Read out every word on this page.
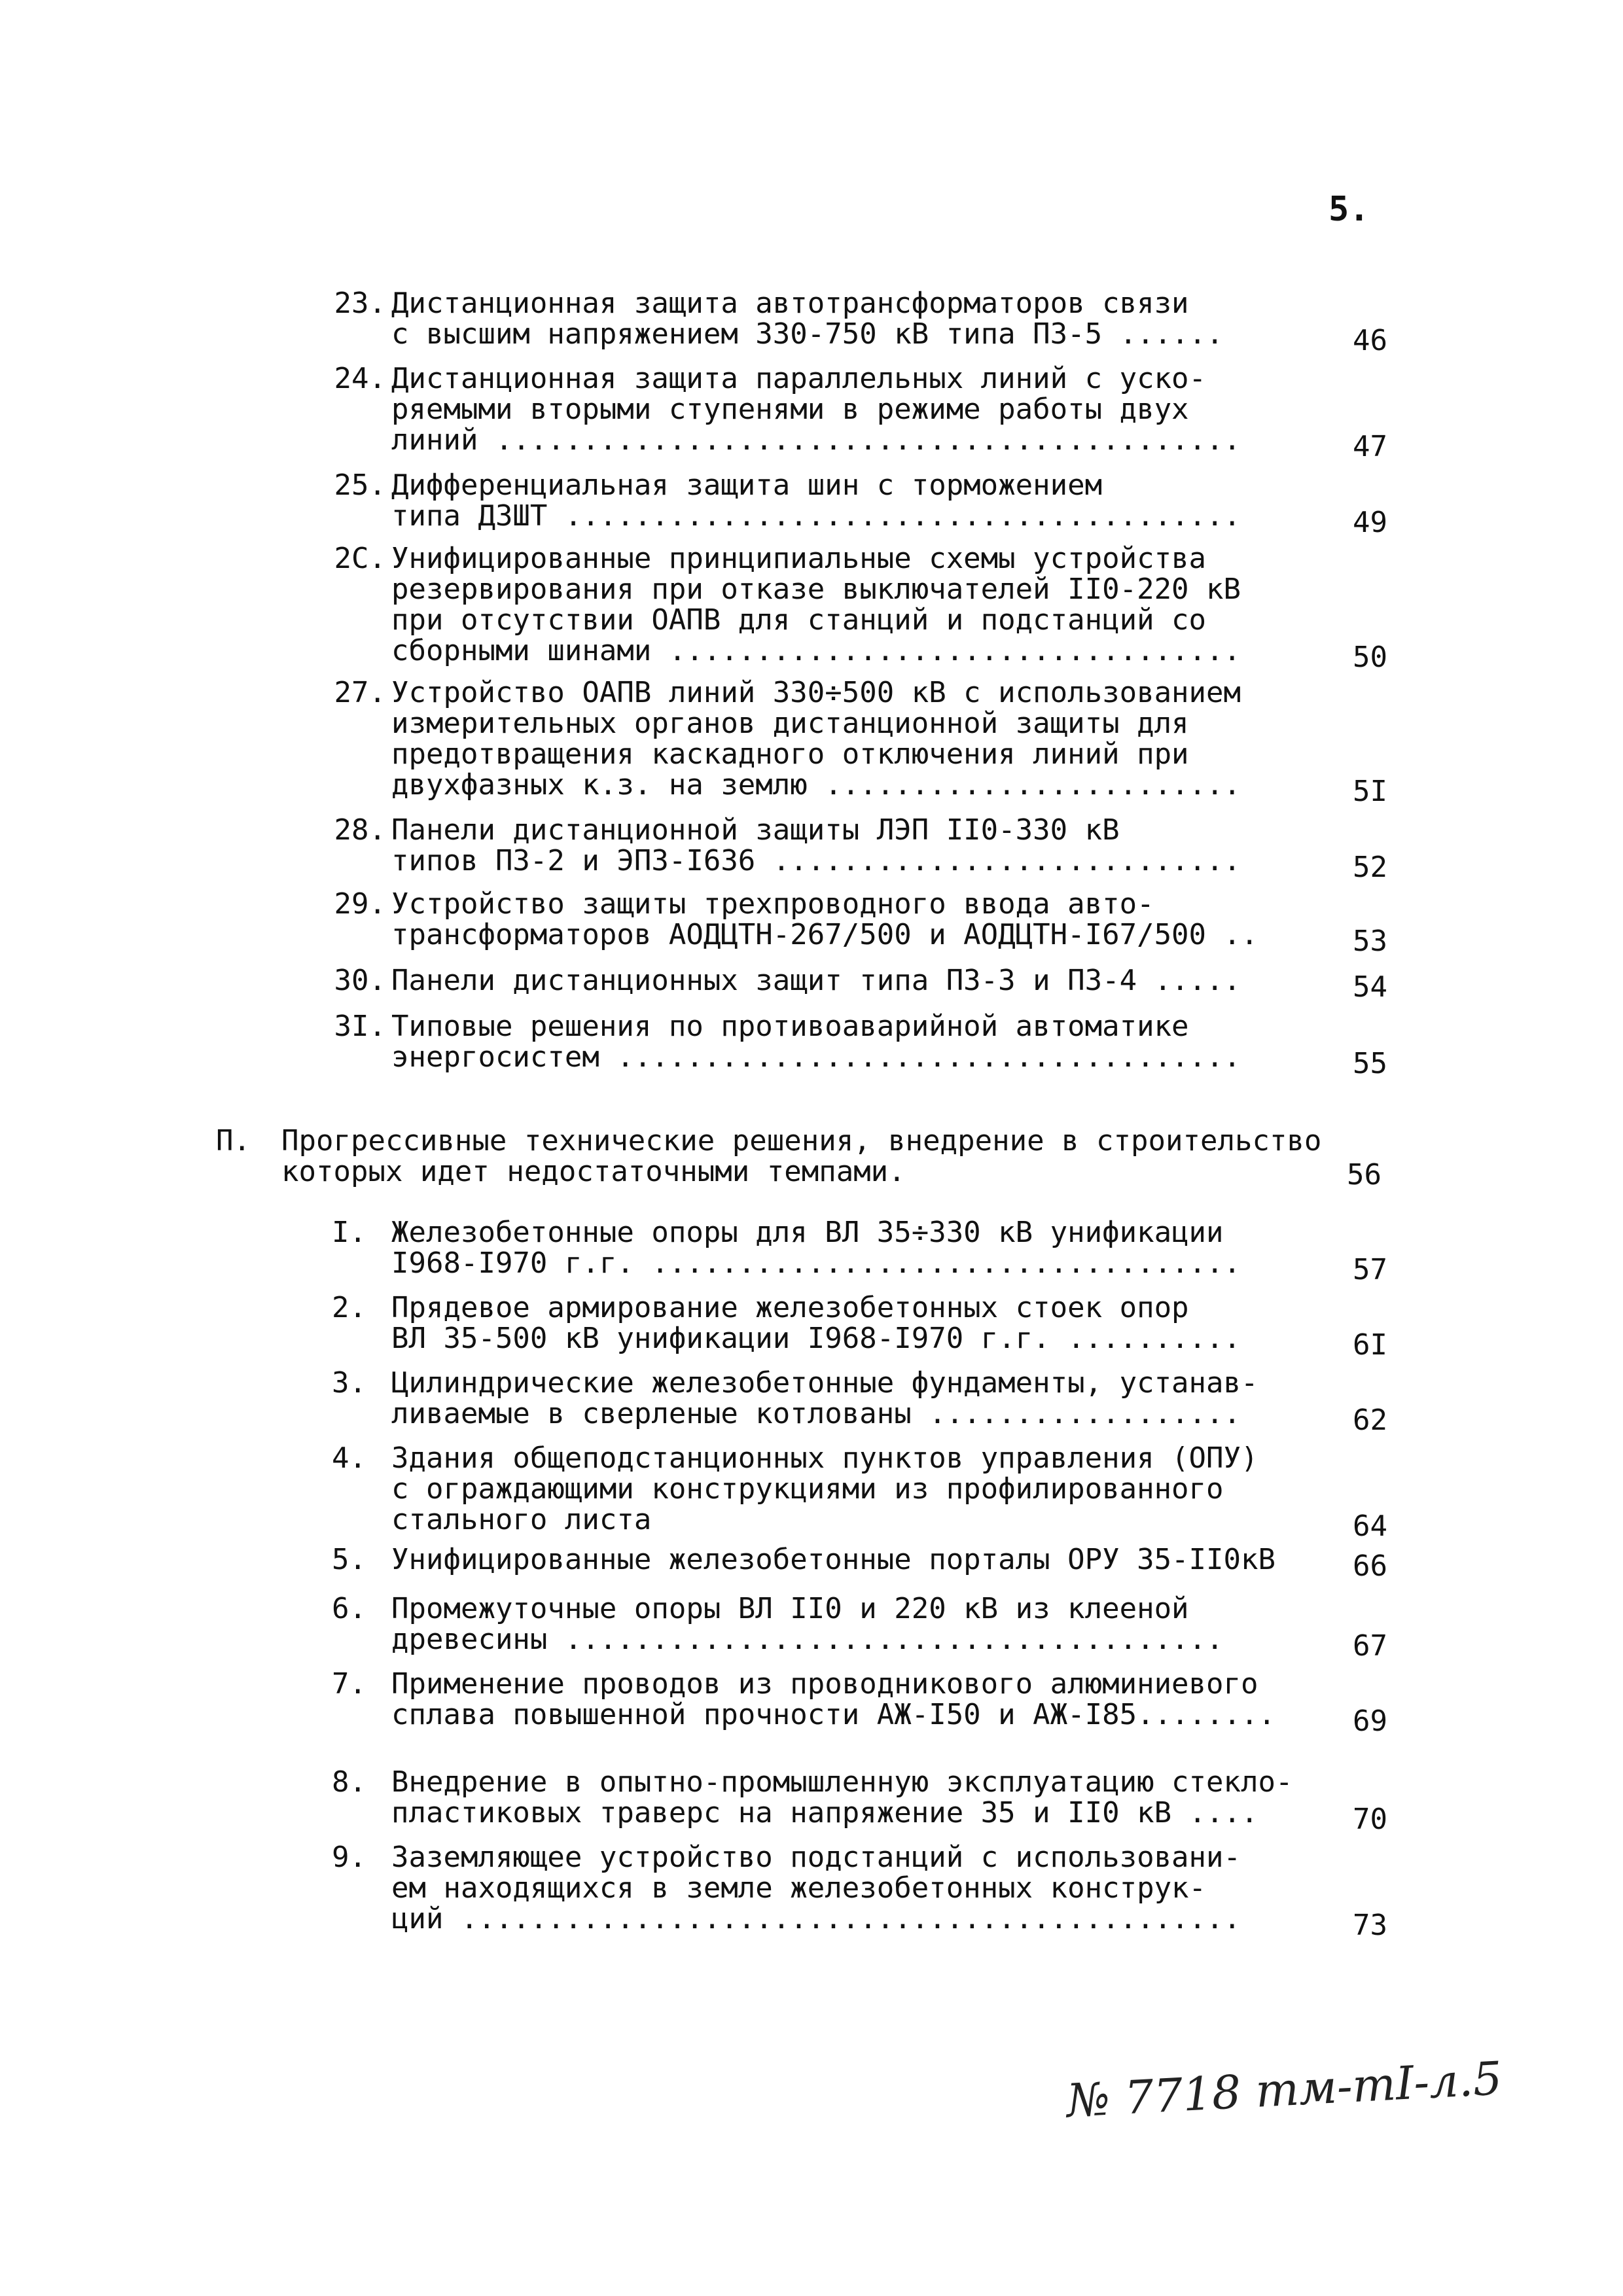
5.
23. Дистанционная защита автотрансформаторов связи
с высшим напряжением 330-750 кВ типа ПЗ-5 ......	46
24. Дистанционная защита параллельных линий с уско-
ряемыми вторыми ступенями в режиме работы двух
линий ...........................................	47
25. Дифференциальная защита шин с торможением
типа ДЗШТ .......................................	49
2С. Унифицированные принципиальные схемы устройства
резервирования при отказе выключателей II0-220 кВ
при отсутствии ОАПВ для станций и подстанций со
сборными шинами .................................	50
27. Устройство ОАПВ линий 330÷500 кВ с использованием
измерительных органов дистанционной защиты для
предотвращения каскадного отключения линий при
двухфазных к.з. на землю ........................	5I
28. Панели дистанционной защиты ЛЭП II0-330 кВ
типов ПЗ-2 и ЭПЗ-I636 ...........................	52
29. Устройство защиты трехпроводного ввода авто-
трансформаторов АОДЦТН-267/500 и АОДЦТН-I67/500 ..	53
30. Панели дистанционных защит типа ПЗ-3 и ПЗ-4 .....	54
3I. Типовые решения по противоаварийной автоматике
энергосистем ....................................	55
П. Прогрессивные технические решения, внедрение в строительство
которых идет недостаточными темпами.	56
I. Железобетонные опоры для ВЛ 35÷330 кВ унификации
I968-I970 г.г. ..................................	57
2. Прядевое армирование железобетонных стоек опор
ВЛ 35-500 кВ унификации I968-I970 г.г. ..........	6I
3. Цилиндрические железобетонные фундаменты, устанав-
ливаемые в сверленые котлованы ..................	62
4. Здания общеподстанционных пунктов управления (ОПУ)
с ограждающими конструкциями из профилированного
стального листа	64
5. Унифицированные железобетонные порталы ОРУ 35-II0кВ	66
6. Промежуточные опоры ВЛ II0 и 220 кВ из клееной
древесины ......................................	67
7. Применение проводов из проводникового алюминиевого
сплава повышенной прочности АЖ-I50 и АЖ-I85........	69
8. Внедрение в опытно-промышленную эксплуатацию стекло-
пластиковых траверс на напряжение 35 и II0 кВ ....	70
9. Заземляющее устройство подстанций с использовани-
ем находящихся в земле железобетонных конструк-
ций .............................................	73
№ 7718 тм-тI-л.5
